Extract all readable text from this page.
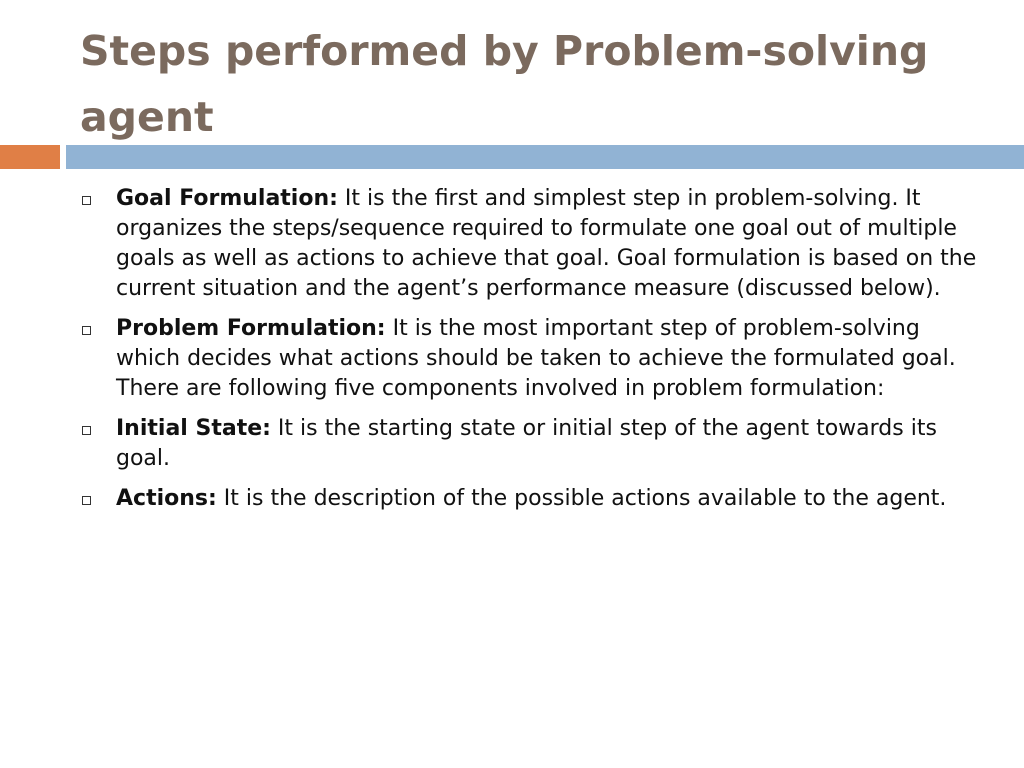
Steps performed by Problem-solving agent
Goal Formulation: It is the first and simplest step in problem-solving. It organizes the steps/sequence required to formulate one goal out of multiple goals as well as actions to achieve that goal. Goal formulation is based on the current situation and the agent’s performance measure (discussed below).
Problem Formulation: It is the most important step of problem-solving which decides what actions should be taken to achieve the formulated goal. There are following five components involved in problem formulation:
Initial State: It is the starting state or initial step of the agent towards its goal.
Actions: It is the description of the possible actions available to the agent.
